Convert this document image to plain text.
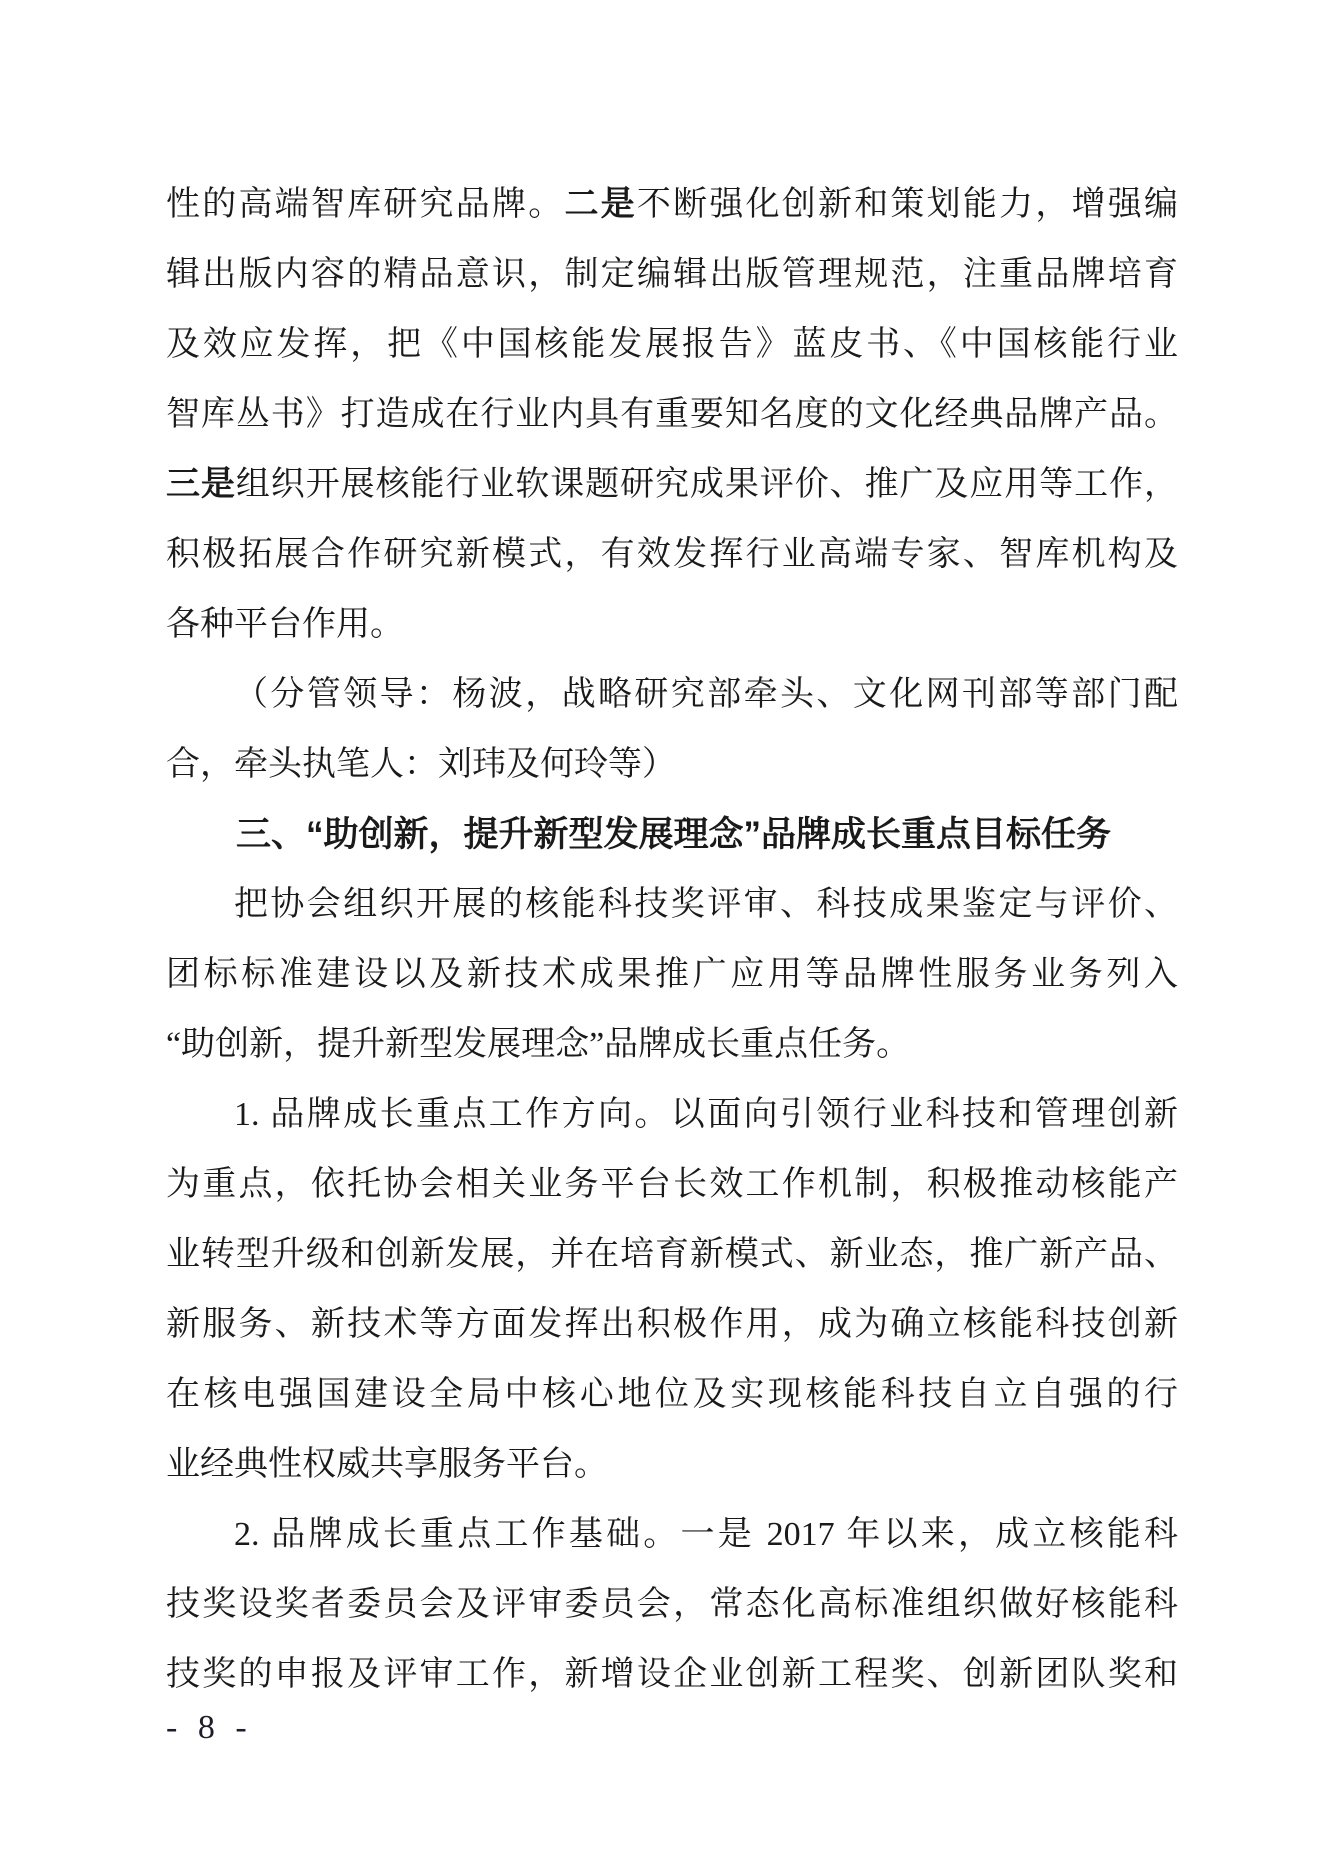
性的高端智库研究品牌。二是不断强化创新和策划能力，增强编
辑出版内容的精品意识，制定编辑出版管理规范，注重品牌培育
及效应发挥，把《中国核能发展报告》蓝皮书、《中国核能行业
智库丛书》打造成在行业内具有重要知名度的文化经典品牌产品。
三是组织开展核能行业软课题研究成果评价、推广及应用等工作，
积极拓展合作研究新模式，有效发挥行业高端专家、智库机构及
各种平台作用。
（分管领导：杨波，战略研究部牵头、文化网刊部等部门配
合，牵头执笔人：刘玮及何玲等）
三、“助创新，提升新型发展理念”品牌成长重点目标任务
把协会组织开展的核能科技奖评审、科技成果鉴定与评价、
团标标准建设以及新技术成果推广应用等品牌性服务业务列入
“助创新，提升新型发展理念”品牌成长重点任务。
1. 品牌成长重点工作方向。以面向引领行业科技和管理创新
为重点，依托协会相关业务平台长效工作机制，积极推动核能产
业转型升级和创新发展，并在培育新模式、新业态，推广新产品、
新服务、新技术等方面发挥出积极作用，成为确立核能科技创新
在核电强国建设全局中核心地位及实现核能科技自立自强的行
业经典性权威共享服务平台。
2. 品牌成长重点工作基础。一是 2017 年以来，成立核能科
技奖设奖者委员会及评审委员会，常态化高标准组织做好核能科
技奖的申报及评审工作，新增设企业创新工程奖、创新团队奖和
- 8 -
